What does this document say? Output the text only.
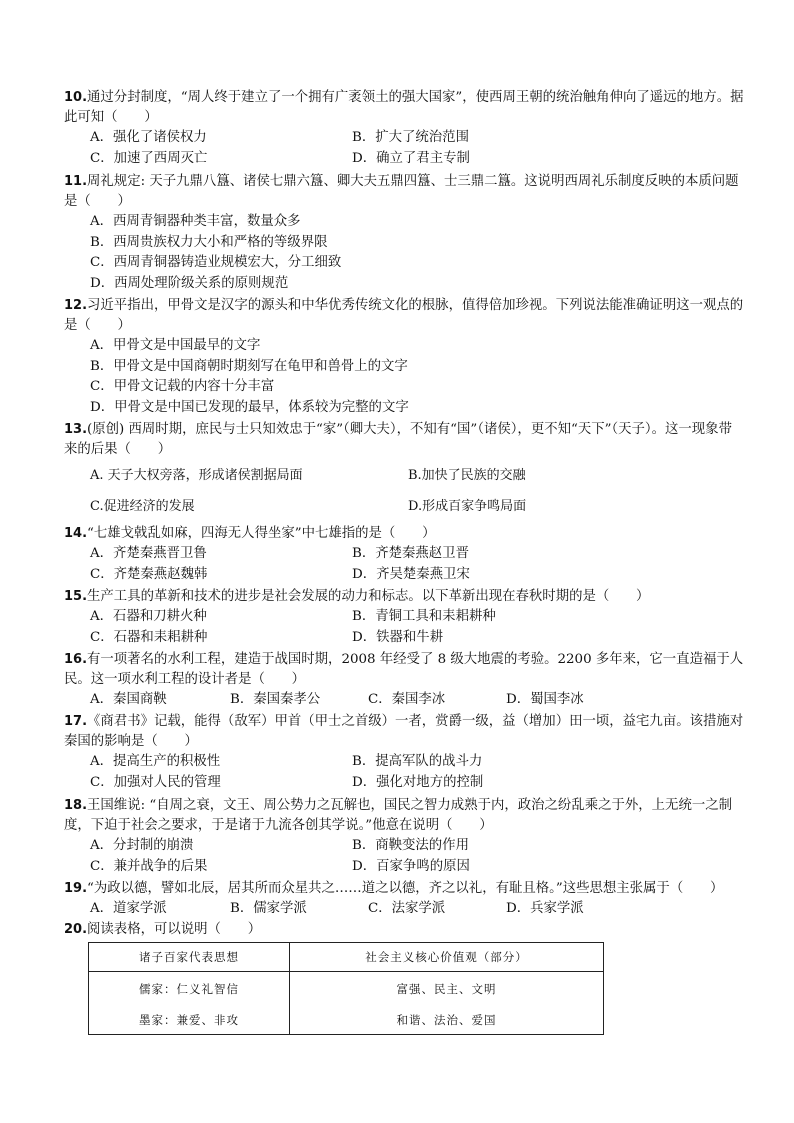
10.通过分封制度，“周人终于建立了一个拥有广袤领土的强大国家”，使西周王朝的统治触角伸向了遥远的地方。据此可知（　　）
A．强化了诸侯权力	B．扩大了统治范围
C．加速了西周灭亡	D．确立了君主专制
11.周礼规定: 天子九鼎八簋、诸侯七鼎六簋、卿大夫五鼎四簋、士三鼎二簋。这说明西周礼乐制度反映的本质问题是（　　）
A．西周青铜器种类丰富，数量众多
B．西周贵族权力大小和严格的等级界限
C．西周青铜器铸造业规模宏大，分工细致
D．西周处理阶级关系的原则规范
12.习近平指出，甲骨文是汉字的源头和中华优秀传统文化的根脉，值得倍加珍视。下列说法能准确证明这一观点的是（　　）
A．甲骨文是中国最早的文字
B．甲骨文是中国商朝时期刻写在龟甲和兽骨上的文字
C．甲骨文记载的内容十分丰富
D．甲骨文是中国已发现的最早，体系较为完整的文字
13.(原创) 西周时期，庶民与士只知效忠于“家”（卿大夫），不知有“国”（诸侯），更不知“天下”（天子）。这一现象带来的后果（　　）
A. 天子大权旁落，形成诸侯割据局面	B.加快了民族的交融
C.促进经济的发展	D.形成百家争鸣局面
14.“七雄戈戟乱如麻，四海无人得坐家”中七雄指的是（　　）
A．齐楚秦燕晋卫鲁	B．齐楚秦燕赵卫晋
C．齐楚秦燕赵魏韩	D．齐吴楚秦燕卫宋
15.生产工具的革新和技术的进步是社会发展的动力和标志。以下革新出现在春秋时期的是（　　）
A．石器和刀耕火种	B．青铜工具和耒耜耕种
C．石器和耒耜耕种	D．铁器和牛耕
16.有一项著名的水利工程，建造于战国时期，2008 年经受了 8 级大地震的考验。2200 多年来，它一直造福于人民。这一项水利工程的设计者是（　　）
A．秦国商鞅	B．秦国秦孝公	C．秦国李冰	D．蜀国李冰
17.《商君书》记载，能得（敌军）甲首（甲士之首级）一者，赏爵一级，益（增加）田一顷，益宅九亩。该措施对秦国的影响是（　　）
A．提高生产的积极性	B．提高军队的战斗力
C．加强对人民的管理	D．强化对地方的控制
18.王国维说: “自周之衰，文王、周公势力之瓦解也，国民之智力成熟于内，政治之纷乱乘之于外，上无统一之制度，下迫于社会之要求，于是诸于九流各创其学说。”他意在说明（　　）
A．分封制的崩溃	B．商鞅变法的作用
C．兼并战争的后果	D．百家争鸣的原因
19.“为政以德，譬如北辰，居其所而众星共之……道之以德，齐之以礼，有耻且格。”这些思想主张属于（　　）
A．道家学派	B．儒家学派	C．法家学派	D．兵家学派
20.阅读表格，可以说明（　　）
诸子百家代表思想	社会主义核心价值观（部分）
儒家：仁义礼智信	富强、民主、文明
墨家：兼爱、非攻	和谐、法治、爱国
